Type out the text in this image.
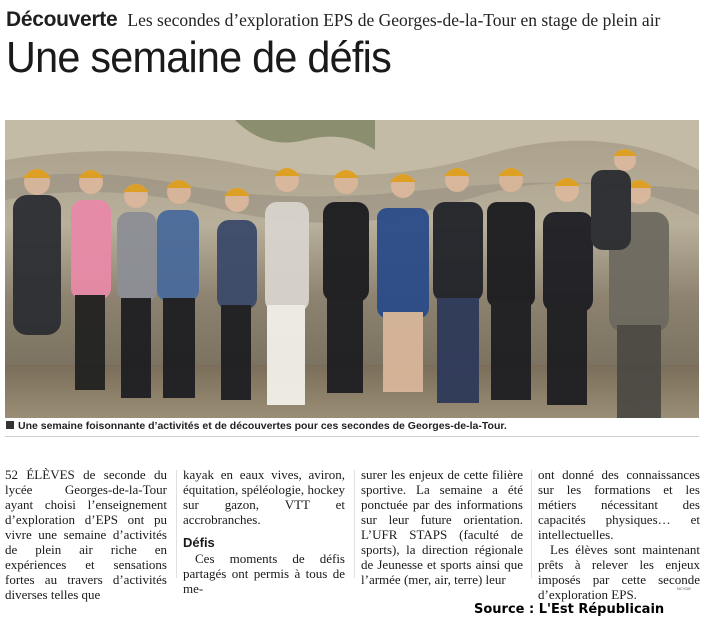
Découverte Les secondes d’exploration EPS de Georges-de-la-Tour en stage de plein air
Une semaine de défis
Une semaine foisonnante d’activités et de découvertes pour ces secondes de Georges-de-la-Tour.

52 ÉLÈVES de seconde du lycée Georges-de-la-Tour ayant choisi l’enseignement d’exploration d’EPS ont pu vivre une semaine d’activités de plein air riche en expériences et sensations fortes au travers d’activités diverses telles que

kayak en eaux vives, aviron, équitation, spéléologie, hockey sur gazon, VTT et accrobranches.

Défis

Ces moments de défis partagés ont permis à tous de me-

surer les enjeux de cette filière sportive. La semaine a été ponctuée par des informations sur leur future orientation. L’UFR STAPS (faculté de sports), la direction régionale de Jeunesse et sports ainsi que l’armée (mer, air, terre) leur

ont donné des connaissances sur les formations et les métiers nécessitant des capacités physiques… et intellectuelles.

Les élèves sont maintenant prêts à relever les enjeux imposés par cette seconde d’exploration EPS.	NCYDE
Source : L'Est Républicain
